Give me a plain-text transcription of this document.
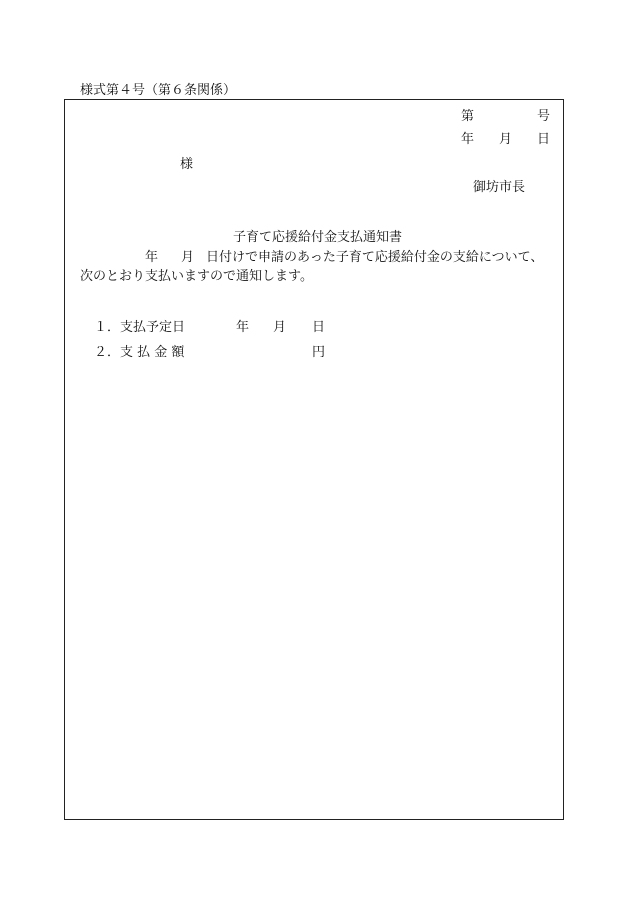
様式第４号（第６条関係）
第	号
年 月 日
様
御坊市長
子育て応援給付金支払通知書
年 月 日付けで申請のあった子育て応援給付金の支給について、
次のとおり支払いますので通知します。
１．支払予定日	年 月 日
２．支 払 金 額	円
